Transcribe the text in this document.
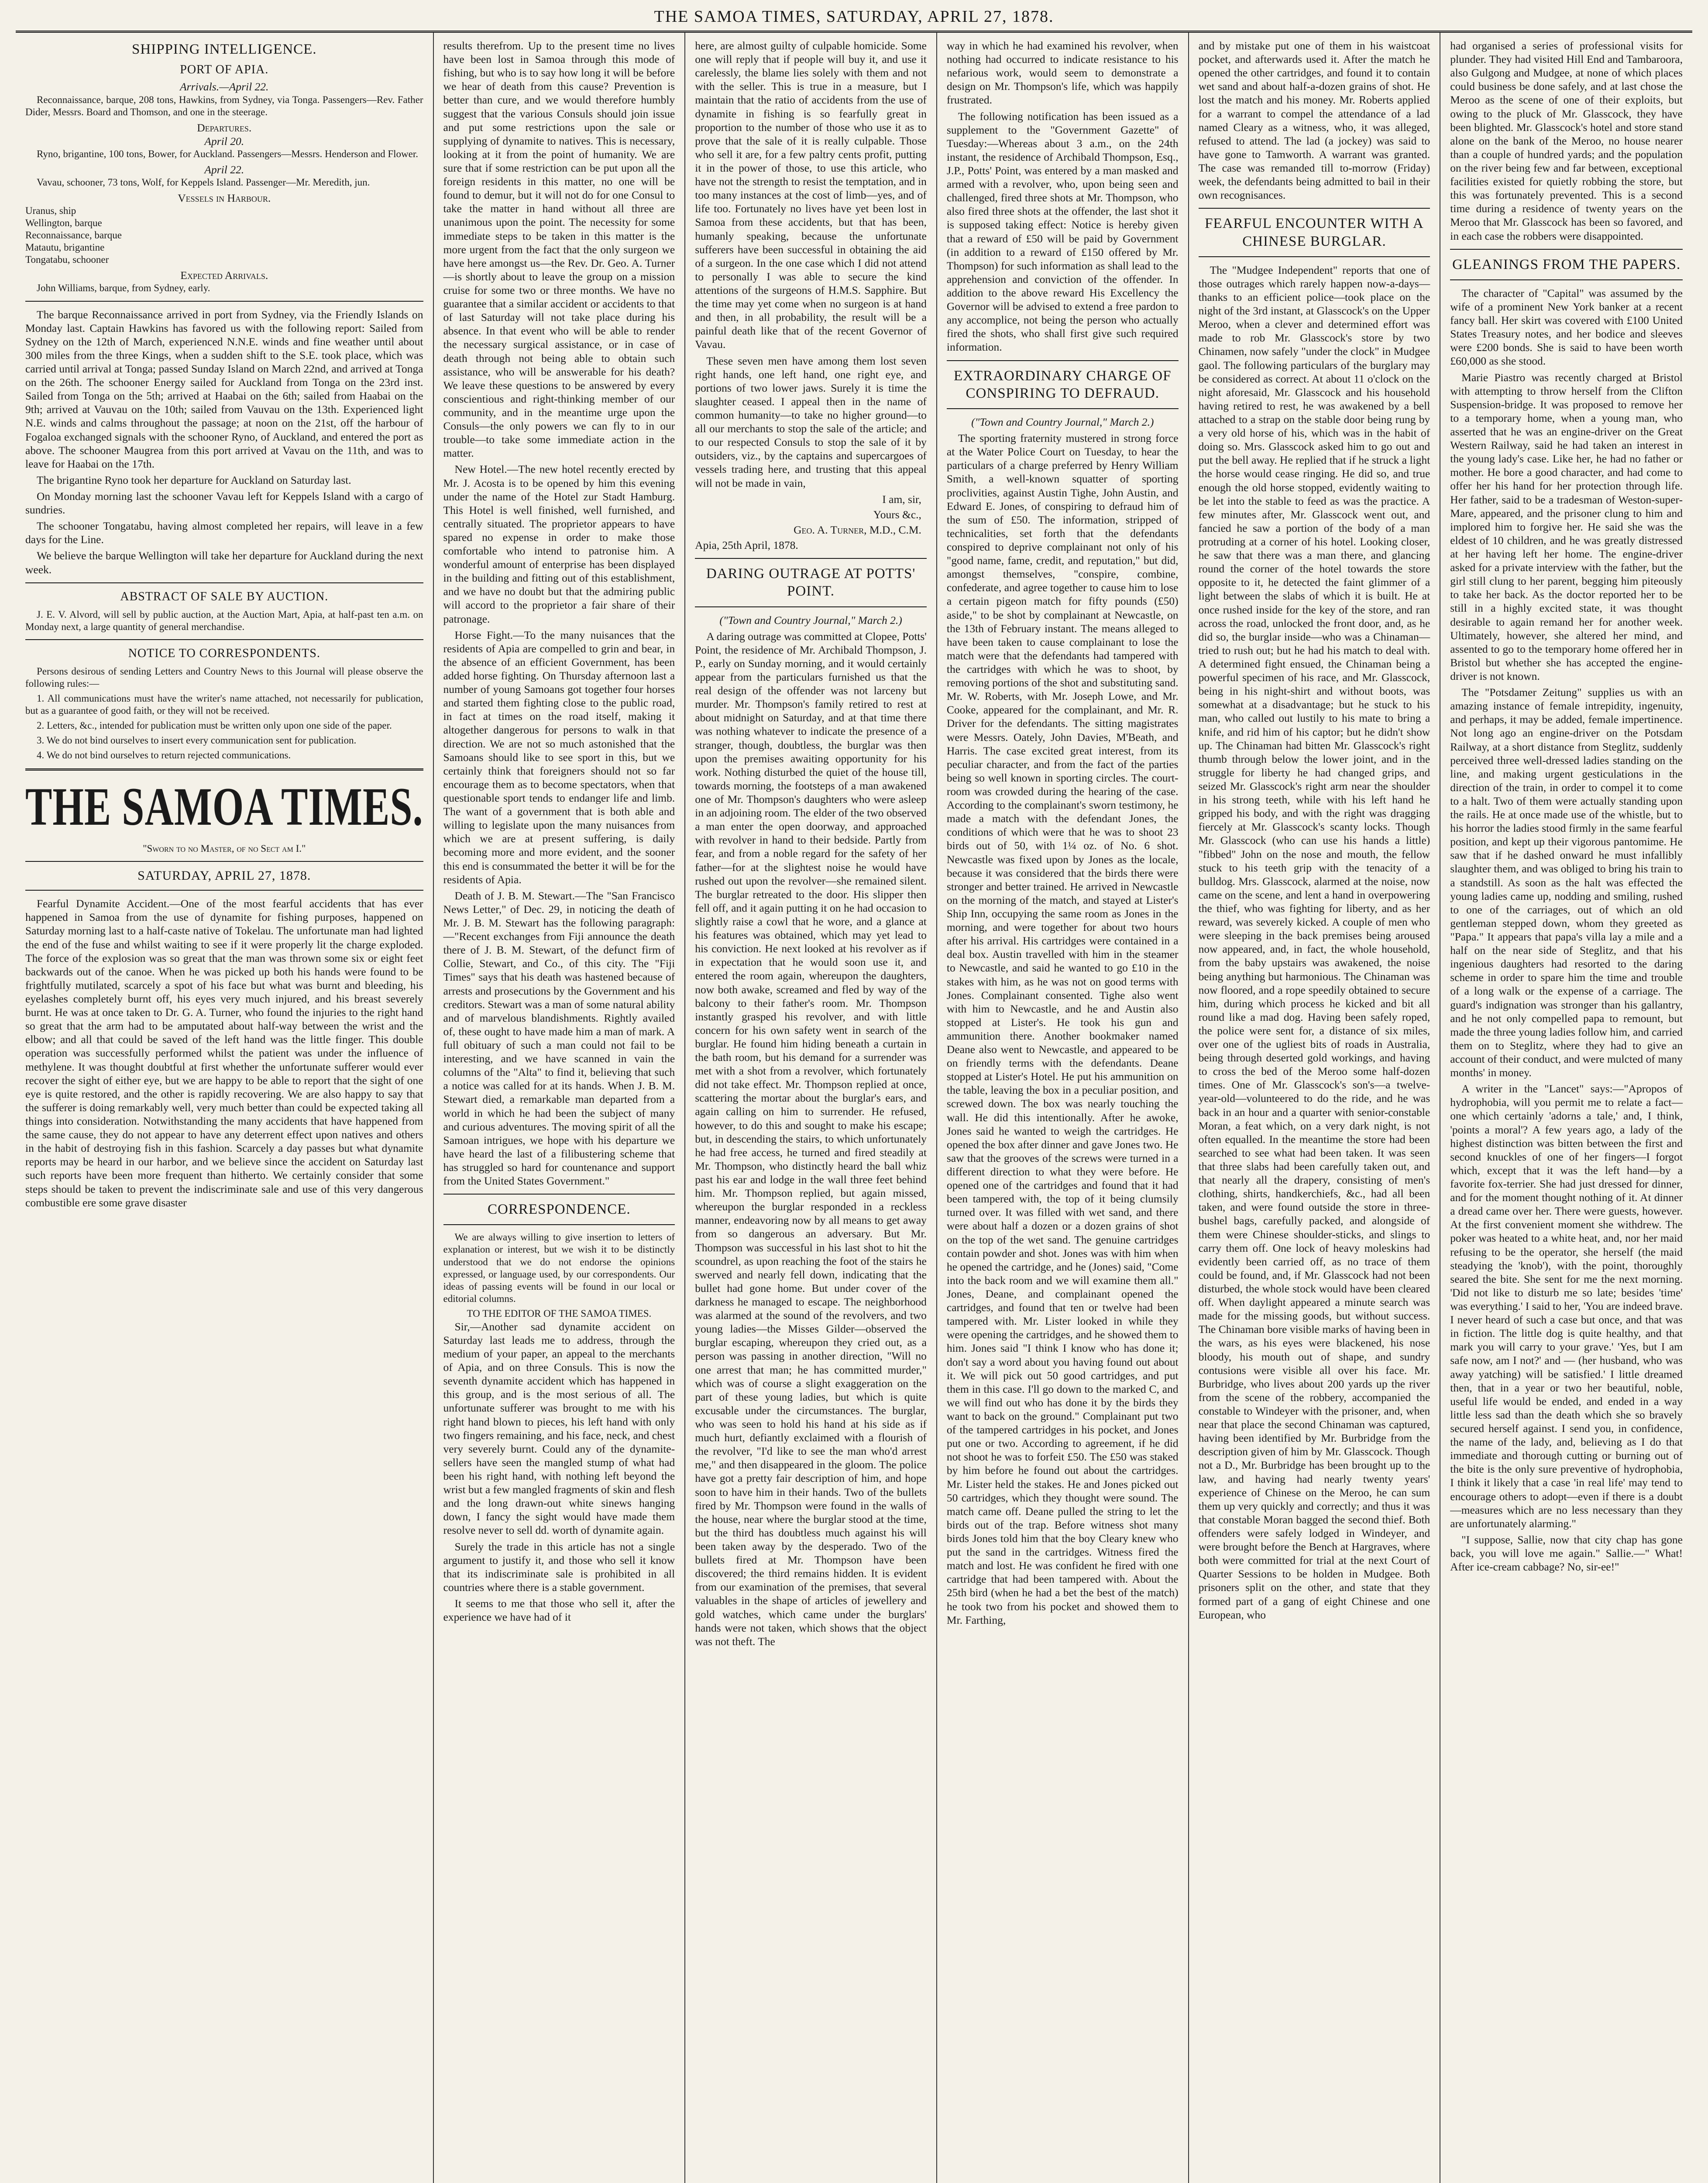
THE SAMOA TIMES, SATURDAY, APRIL 27, 1878.
SHIPPING INTELLIGENCE.
PORT OF APIA.
Arrivals.—April 22.

Reconnaissance, barque, 208 tons, Hawkins, from Sydney, via Tonga. Passengers—Rev. Father Dider, Messrs. Board and Thomson, and one in the steerage.

Departures.
April 20.

Ryno, brigantine, 100 tons, Bower, for Auckland. Passengers—Messrs. Henderson and Flower.

April 22.

Vavau, schooner, 73 tons, Wolf, for Keppels Island. Passenger—Mr. Meredith, jun.

Vessels in Harbour.

Uranus, ship

Wellington, barque

Reconnaissance, barque

Matautu, brigantine

Tongatabu, schooner

Expected Arrivals.

John Williams, barque, from Sydney, early.

The barque Reconnaissance arrived in port from Sydney, via the Friendly Islands on Monday last. Captain Hawkins has favored us with the following report: Sailed from Sydney on the 12th of March, experienced N.N.E. winds and fine weather until about 300 miles from the three Kings, when a sudden shift to the S.E. took place, which was carried until arrival at Tonga; passed Sunday Island on March 22nd, and arrived at Tonga on the 26th. The schooner Energy sailed for Auckland from Tonga on the 23rd inst. Sailed from Tonga on the 5th; arrived at Haabai on the 6th; sailed from Haabai on the 9th; arrived at Vauvau on the 10th; sailed from Vauvau on the 13th. Experienced light N.E. winds and calms throughout the passage; at noon on the 21st, off the harbour of Fogaloa exchanged signals with the schooner Ryno, of Auckland, and entered the port as above. The schooner Maugrea from this port arrived at Vavau on the 11th, and was to leave for Haabai on the 17th.

The brigantine Ryno took her departure for Auckland on Saturday last.

On Monday morning last the schooner Vavau left for Keppels Island with a cargo of sundries.

The schooner Tongatabu, having almost completed her repairs, will leave in a few days for the Line.

We believe the barque Wellington will take her departure for Auckland during the next week.

ABSTRACT OF SALE BY AUCTION.

J. E. V. Alvord, will sell by public auction, at the Auction Mart, Apia, at half-past ten a.m. on Monday next, a large quantity of general merchandise.

NOTICE TO CORRESPONDENTS.

Persons desirous of sending Letters and Country News to this Journal will please observe the following rules:—

1. All communications must have the writer's name attached, not necessarily for publication, but as a guarantee of good faith, or they will not be received.

2. Letters, &c., intended for publication must be written only upon one side of the paper.

3. We do not bind ourselves to insert every communication sent for publication.

4. We do not bind ourselves to return rejected communications.

THE SAMOA TIMES.
"Sworn to no Master, of no Sect am I."
SATURDAY, APRIL 27, 1878.

Fearful Dynamite Accident.—One of the most fearful accidents that has ever happened in Samoa from the use of dynamite for fishing purposes, happened on Saturday morning last to a half-caste native of Tokelau. The unfortunate man had lighted the end of the fuse and whilst waiting to see if it were properly lit the charge exploded. The force of the explosion was so great that the man was thrown some six or eight feet backwards out of the canoe. When he was picked up both his hands were found to be frightfully mutilated, scarcely a spot of his face but what was burnt and bleeding, his eyelashes completely burnt off, his eyes very much injured, and his breast severely burnt. He was at once taken to Dr. G. A. Turner, who found the injuries to the right hand so great that the arm had to be amputated about half-way between the wrist and the elbow; and all that could be saved of the left hand was the little finger. This double operation was successfully performed whilst the patient was under the influence of methylene. It was thought doubtful at first whether the unfortunate sufferer would ever recover the sight of either eye, but we are happy to be able to report that the sight of one eye is quite restored, and the other is rapidly recovering. We are also happy to say that the sufferer is doing remarkably well, very much better than could be expected taking all things into consideration. Notwithstanding the many accidents that have happened from the same cause, they do not appear to have any deterrent effect upon natives and others in the habit of destroying fish in this fashion. Scarcely a day passes but what dynamite reports may be heard in our harbor, and we believe since the accident on Saturday last such reports have been more frequent than hitherto. We certainly consider that some steps should be taken to prevent the indiscriminate sale and use of this very dangerous combustible ere some grave disaster

results therefrom. Up to the present time no lives have been lost in Samoa through this mode of fishing, but who is to say how long it will be before we hear of death from this cause? Prevention is better than cure, and we would therefore humbly suggest that the various Consuls should join issue and put some restrictions upon the sale or supplying of dynamite to natives. This is necessary, looking at it from the point of humanity. We are sure that if some restriction can be put upon all the foreign residents in this matter, no one will be found to demur, but it will not do for one Consul to take the matter in hand without all three are unanimous upon the point. The necessity for some immediate steps to be taken in this matter is the more urgent from the fact that the only surgeon we have here amongst us—the Rev. Dr. Geo. A. Turner—is shortly about to leave the group on a mission cruise for some two or three months. We have no guarantee that a similar accident or accidents to that of last Saturday will not take place during his absence. In that event who will be able to render the necessary surgical assistance, or in case of death through not being able to obtain such assistance, who will be answerable for his death? We leave these questions to be answered by every conscientious and right-thinking member of our community, and in the meantime urge upon the Consuls—the only powers we can fly to in our trouble—to take some immediate action in the matter.

New Hotel.—The new hotel recently erected by Mr. J. Acosta is to be opened by him this evening under the name of the Hotel zur Stadt Hamburg. This Hotel is well finished, well furnished, and centrally situated. The proprietor appears to have spared no expense in order to make those comfortable who intend to patronise him. A wonderful amount of enterprise has been displayed in the building and fitting out of this establishment, and we have no doubt but that the admiring public will accord to the proprietor a fair share of their patronage.

Horse Fight.—To the many nuisances that the residents of Apia are compelled to grin and bear, in the absence of an efficient Government, has been added horse fighting. On Thursday afternoon last a number of young Samoans got together four horses and started them fighting close to the public road, in fact at times on the road itself, making it altogether dangerous for persons to walk in that direction. We are not so much astonished that the Samoans should like to see sport in this, but we certainly think that foreigners should not so far encourage them as to become spectators, when that questionable sport tends to endanger life and limb. The want of a government that is both able and willing to legislate upon the many nuisances from which we are at present suffering, is daily becoming more and more evident, and the sooner this end is consummated the better it will be for the residents of Apia.

Death of J. B. M. Stewart.—The "San Francisco News Letter," of Dec. 29, in noticing the death of Mr. J. B. M. Stewart has the following paragraph:—"Recent exchanges from Fiji announce the death there of J. B. M. Stewart, of the defunct firm of Collie, Stewart, and Co., of this city. The "Fiji Times" says that his death was hastened because of arrests and prosecutions by the Government and his creditors. Stewart was a man of some natural ability and of marvelous blandishments. Rightly availed of, these ought to have made him a man of mark. A full obituary of such a man could not fail to be interesting, and we have scanned in vain the columns of the "Alta" to find it, believing that such a notice was called for at its hands. When J. B. M. Stewart died, a remarkable man departed from a world in which he had been the subject of many and curious adventures. The moving spirit of all the Samoan intrigues, we hope with his departure we have heard the last of a filibustering scheme that has struggled so hard for countenance and support from the United States Government."

CORRESPONDENCE.

We are always willing to give insertion to letters of explanation or interest, but we wish it to be distinctly understood that we do not endorse the opinions expressed, or language used, by our correspondents. Our ideas of passing events will be found in our local or editorial columns.

TO THE EDITOR OF THE SAMOA TIMES.

Sir,—Another sad dynamite accident on Saturday last leads me to address, through the medium of your paper, an appeal to the merchants of Apia, and on three Consuls. This is now the seventh dynamite accident which has happened in this group, and is the most serious of all. The unfortunate sufferer was brought to me with his right hand blown to pieces, his left hand with only two fingers remaining, and his face, neck, and chest very severely burnt. Could any of the dynamite-sellers have seen the mangled stump of what had been his right hand, with nothing left beyond the wrist but a few mangled fragments of skin and flesh and the long drawn-out white sinews hanging down, I fancy the sight would have made them resolve never to sell dd. worth of dynamite again.

Surely the trade in this article has not a single argument to justify it, and those who sell it know that its indiscriminate sale is prohibited in all countries where there is a stable government.

It seems to me that those who sell it, after the experience we have had of it

here, are almost guilty of culpable homicide. Some one will reply that if people will buy it, and use it carelessly, the blame lies solely with them and not with the seller. This is true in a measure, but I maintain that the ratio of accidents from the use of dynamite in fishing is so fearfully great in proportion to the number of those who use it as to prove that the sale of it is really culpable. Those who sell it are, for a few paltry cents profit, putting it in the power of those, to use this article, who have not the strength to resist the temptation, and in too many instances at the cost of limb—yes, and of life too. Fortunately no lives have yet been lost in Samoa from these accidents, but that has been, humanly speaking, because the unfortunate sufferers have been successful in obtaining the aid of a surgeon. In the one case which I did not attend to personally I was able to secure the kind attentions of the surgeons of H.M.S. Sapphire. But the time may yet come when no surgeon is at hand and then, in all probability, the result will be a painful death like that of the recent Governor of Vavau.

These seven men have among them lost seven right hands, one left hand, one right eye, and portions of two lower jaws. Surely it is time the slaughter ceased. I appeal then in the name of common humanity—to take no higher ground—to all our merchants to stop the sale of the article; and to our respected Consuls to stop the sale of it by outsiders, viz., by the captains and supercargoes of vessels trading here, and trusting that this appeal will not be made in vain,

I am, sir,

Yours &c.,

Geo. A. Turner, M.D., C.M.

Apia, 25th April, 1878.

DARING OUTRAGE AT POTTS' POINT.

("Town and Country Journal," March 2.)

A daring outrage was committed at Clopee, Potts' Point, the residence of Mr. Archibald Thompson, J. P., early on Sunday morning, and it would certainly appear from the particulars furnished us that the real design of the offender was not larceny but murder. Mr. Thompson's family retired to rest at about midnight on Saturday, and at that time there was nothing whatever to indicate the presence of a stranger, though, doubtless, the burglar was then upon the premises awaiting opportunity for his work. Nothing disturbed the quiet of the house till, towards morning, the footsteps of a man awakened one of Mr. Thompson's daughters who were asleep in an adjoining room. The elder of the two observed a man enter the open doorway, and approached with revolver in hand to their bedside. Partly from fear, and from a noble regard for the safety of her father—for at the slightest noise he would have rushed out upon the revolver—she remained silent. The burglar retreated to the door. His slipper then fell off, and it again putting it on he had occasion to slightly raise a cowl that he wore, and a glance at his features was obtained, which may yet lead to his conviction. He next looked at his revolver as if in expectation that he would soon use it, and entered the room again, whereupon the daughters, now both awake, screamed and fled by way of the balcony to their father's room. Mr. Thompson instantly grasped his revolver, and with little concern for his own safety went in search of the burglar. He found him hiding beneath a curtain in the bath room, but his demand for a surrender was met with a shot from a revolver, which fortunately did not take effect. Mr. Thompson replied at once, scattering the mortar about the burglar's ears, and again calling on him to surrender. He refused, however, to do this and sought to make his escape; but, in descending the stairs, to which unfortunately he had free access, he turned and fired steadily at Mr. Thompson, who distinctly heard the ball whiz past his ear and lodge in the wall three feet behind him. Mr. Thompson replied, but again missed, whereupon the burglar responded in a reckless manner, endeavoring now by all means to get away from so dangerous an adversary. But Mr. Thompson was successful in his last shot to hit the scoundrel, as upon reaching the foot of the stairs he swerved and nearly fell down, indicating that the bullet had gone home. But under cover of the darkness he managed to escape. The neighborhood was alarmed at the sound of the revolvers, and two young ladies—the Misses Gilder—observed the burglar escaping, whereupon they cried out, as a person was passing in another direction, "Will no one arrest that man; he has committed murder," which was of course a slight exaggeration on the part of these young ladies, but which is quite excusable under the circumstances. The burglar, who was seen to hold his hand at his side as if much hurt, defiantly exclaimed with a flourish of the revolver, "I'd like to see the man who'd arrest me," and then disappeared in the gloom. The police have got a pretty fair description of him, and hope soon to have him in their hands. Two of the bullets fired by Mr. Thompson were found in the walls of the house, near where the burglar stood at the time, but the third has doubtless much against his will been taken away by the desperado. Two of the bullets fired at Mr. Thompson have been discovered; the third remains hidden. It is evident from our examination of the premises, that several valuables in the shape of articles of jewellery and gold watches, which came under the burglars' hands were not taken, which shows that the object was not theft. The

way in which he had examined his revolver, when nothing had occurred to indicate resistance to his nefarious work, would seem to demonstrate a design on Mr. Thompson's life, which was happily frustrated.

The following notification has been issued as a supplement to the "Government Gazette" of Tuesday:—Whereas about 3 a.m., on the 24th instant, the residence of Archibald Thompson, Esq., J.P., Potts' Point, was entered by a man masked and armed with a revolver, who, upon being seen and challenged, fired three shots at Mr. Thompson, who also fired three shots at the offender, the last shot it is supposed taking effect: Notice is hereby given that a reward of £50 will be paid by Government (in addition to a reward of £150 offered by Mr. Thompson) for such information as shall lead to the apprehension and conviction of the offender. In addition to the above reward His Excellency the Governor will be advised to extend a free pardon to any accomplice, not being the person who actually fired the shots, who shall first give such required information.

EXTRAORDINARY CHARGE OF CONSPIRING TO DEFRAUD.

("Town and Country Journal," March 2.)

The sporting fraternity mustered in strong force at the Water Police Court on Tuesday, to hear the particulars of a charge preferred by Henry William Smith, a well-known squatter of sporting proclivities, against Austin Tighe, John Austin, and Edward E. Jones, of conspiring to defraud him of the sum of £50. The information, stripped of technicalities, set forth that the defendants conspired to deprive complainant not only of his "good name, fame, credit, and reputation," but did, amongst themselves, "conspire, combine, confederate, and agree together to cause him to lose a certain pigeon match for fifty pounds (£50) aside," to be shot by complainant at Newcastle, on the 13th of February instant. The means alleged to have been taken to cause complainant to lose the match were that the defendants had tampered with the cartridges with which he was to shoot, by removing portions of the shot and substituting sand. Mr. W. Roberts, with Mr. Joseph Lowe, and Mr. Cooke, appeared for the complainant, and Mr. R. Driver for the defendants. The sitting magistrates were Messrs. Oately, John Davies, M'Beath, and Harris. The case excited great interest, from its peculiar character, and from the fact of the parties being so well known in sporting circles. The court-room was crowded during the hearing of the case. According to the complainant's sworn testimony, he made a match with the defendant Jones, the conditions of which were that he was to shoot 23 birds out of 50, with 1¼ oz. of No. 6 shot. Newcastle was fixed upon by Jones as the locale, because it was considered that the birds there were stronger and better trained. He arrived in Newcastle on the morning of the match, and stayed at Lister's Ship Inn, occupying the same room as Jones in the morning, and were together for about two hours after his arrival. His cartridges were contained in a deal box. Austin travelled with him in the steamer to Newcastle, and said he wanted to go £10 in the stakes with him, as he was not on good terms with Jones. Complainant consented. Tighe also went with him to Newcastle, and he and Austin also stopped at Lister's. He took his gun and ammunition there. Another bookmaker named Deane also went to Newcastle, and appeared to be on friendly terms with the defendants. Deane stopped at Lister's Hotel. He put his ammunition on the table, leaving the box in a peculiar position, and screwed down. The box was nearly touching the wall. He did this intentionally. After he awoke, Jones said he wanted to weigh the cartridges. He opened the box after dinner and gave Jones two. He saw that the grooves of the screws were turned in a different direction to what they were before. He opened one of the cartridges and found that it had been tampered with, the top of it being clumsily turned over. It was filled with wet sand, and there were about half a dozen or a dozen grains of shot on the top of the wet sand. The genuine cartridges contain powder and shot. Jones was with him when he opened the cartridge, and he (Jones) said, "Come into the back room and we will examine them all." Jones, Deane, and complainant opened the cartridges, and found that ten or twelve had been tampered with. Mr. Lister looked in while they were opening the cartridges, and he showed them to him. Jones said "I think I know who has done it; don't say a word about you having found out about it. We will pick out 50 good cartridges, and put them in this case. I'll go down to the marked C, and we will find out who has done it by the birds they want to back on the ground." Complainant put two of the tampered cartridges in his pocket, and Jones put one or two. According to agreement, if he did not shoot he was to forfeit £50. The £50 was staked by him before he found out about the cartridges. Mr. Lister held the stakes. He and Jones picked out 50 cartridges, which they thought were sound. The match came off. Deane pulled the string to let the birds out of the trap. Before witness shot many birds Jones told him that the boy Cleary knew who put the sand in the cartridges. Witness fired the match and lost. He was confident he fired with one cartridge that had been tampered with. About the 25th bird (when he had a bet the best of the match) he took two from his pocket and showed them to Mr. Farthing,

and by mistake put one of them in his waistcoat pocket, and afterwards used it. After the match he opened the other cartridges, and found it to contain wet sand and about half-a-dozen grains of shot. He lost the match and his money. Mr. Roberts applied for a warrant to compel the attendance of a lad named Cleary as a witness, who, it was alleged, refused to attend. The lad (a jockey) was said to have gone to Tamworth. A warrant was granted. The case was remanded till to-morrow (Friday) week, the defendants being admitted to bail in their own recognisances.

FEARFUL ENCOUNTER WITH A CHINESE BURGLAR.

The "Mudgee Independent" reports that one of those outrages which rarely happen now-a-days—thanks to an efficient police—took place on the night of the 3rd instant, at Glasscock's on the Upper Meroo, when a clever and determined effort was made to rob Mr. Glasscock's store by two Chinamen, now safely "under the clock" in Mudgee gaol. The following particulars of the burglary may be considered as correct. At about 11 o'clock on the night aforesaid, Mr. Glasscock and his household having retired to rest, he was awakened by a bell attached to a strap on the stable door being rung by a very old horse of his, which was in the habit of doing so. Mrs. Glasscock asked him to go out and put the bell away. He replied that if he struck a light the horse would cease ringing. He did so, and true enough the old horse stopped, evidently waiting to be let into the stable to feed as was the practice. A few minutes after, Mr. Glasscock went out, and fancied he saw a portion of the body of a man protruding at a corner of his hotel. Looking closer, he saw that there was a man there, and glancing round the corner of the hotel towards the store opposite to it, he detected the faint glimmer of a light between the slabs of which it is built. He at once rushed inside for the key of the store, and ran across the road, unlocked the front door, and, as he did so, the burglar inside—who was a Chinaman—tried to rush out; but he had his match to deal with. A determined fight ensued, the Chinaman being a powerful specimen of his race, and Mr. Glasscock, being in his night-shirt and without boots, was somewhat at a disadvantage; but he stuck to his man, who called out lustily to his mate to bring a knife, and rid him of his captor; but he didn't show up. The Chinaman had bitten Mr. Glasscock's right thumb through below the lower joint, and in the struggle for liberty he had changed grips, and seized Mr. Glasscock's right arm near the shoulder in his strong teeth, while with his left hand he gripped his body, and with the right was dragging fiercely at Mr. Glasscock's scanty locks. Though Mr. Glasscock (who can use his hands a little) "fibbed" John on the nose and mouth, the fellow stuck to his teeth grip with the tenacity of a bulldog. Mrs. Glasscock, alarmed at the noise, now came on the scene, and lent a hand in overpowering the thief, who was fighting for liberty, and as her reward, was severely kicked. A couple of men who were sleeping in the back premises being aroused now appeared, and, in fact, the whole household, from the baby upstairs was awakened, the noise being anything but harmonious. The Chinaman was now floored, and a rope speedily obtained to secure him, during which process he kicked and bit all round like a mad dog. Having been safely roped, the police were sent for, a distance of six miles, over one of the ugliest bits of roads in Australia, being through deserted gold workings, and having to cross the bed of the Meroo some half-dozen times. One of Mr. Glasscock's son's—a twelve-year-old—volunteered to do the ride, and he was back in an hour and a quarter with senior-constable Moran, a feat which, on a very dark night, is not often equalled. In the meantime the store had been searched to see what had been taken. It was seen that three slabs had been carefully taken out, and that nearly all the drapery, consisting of men's clothing, shirts, handkerchiefs, &c., had all been taken, and were found outside the store in three-bushel bags, carefully packed, and alongside of them were Chinese shoulder-sticks, and slings to carry them off. One lock of heavy moleskins had evidently been carried off, as no trace of them could be found, and, if Mr. Glasscock had not been disturbed, the whole stock would have been cleared off. When daylight appeared a minute search was made for the missing goods, but without success. The Chinaman bore visible marks of having been in the wars, as his eyes were blackened, his nose bloody, his mouth out of shape, and sundry contusions were visible all over his face. Mr. Burbridge, who lives about 200 yards up the river from the scene of the robbery, accompanied the constable to Windeyer with the prisoner, and, when near that place the second Chinaman was captured, having been identified by Mr. Burbridge from the description given of him by Mr. Glasscock. Though not a D., Mr. Burbridge has been brought up to the law, and having had nearly twenty years' experience of Chinese on the Meroo, he can sum them up very quickly and correctly; and thus it was that constable Moran bagged the second thief. Both offenders were safely lodged in Windeyer, and were brought before the Bench at Hargraves, where both were committed for trial at the next Court of Quarter Sessions to be holden in Mudgee. Both prisoners split on the other, and state that they formed part of a gang of eight Chinese and one European, who

had organised a series of professional visits for plunder. They had visited Hill End and Tambaroora, also Gulgong and Mudgee, at none of which places could business be done safely, and at last chose the Meroo as the scene of one of their exploits, but owing to the pluck of Mr. Glasscock, they have been blighted. Mr. Glasscock's hotel and store stand alone on the bank of the Meroo, no house nearer than a couple of hundred yards; and the population on the river being few and far between, exceptional facilities existed for quietly robbing the store, but this was fortunately prevented. This is a second time during a residence of twenty years on the Meroo that Mr. Glasscock has been so favored, and in each case the robbers were disappointed.

GLEANINGS FROM THE PAPERS.

The character of "Capital" was assumed by the wife of a prominent New York banker at a recent fancy ball. Her skirt was covered with £100 United States Treasury notes, and her bodice and sleeves were £200 bonds. She is said to have been worth £60,000 as she stood.

Marie Piastro was recently charged at Bristol with attempting to throw herself from the Clifton Suspension-bridge. It was proposed to remove her to a temporary home, when a young man, who asserted that he was an engine-driver on the Great Western Railway, said he had taken an interest in the young lady's case. Like her, he had no father or mother. He bore a good character, and had come to offer her his hand for her protection through life. Her father, said to be a tradesman of Weston-super-Mare, appeared, and the prisoner clung to him and implored him to forgive her. He said she was the eldest of 10 children, and he was greatly distressed at her having left her home. The engine-driver asked for a private interview with the father, but the girl still clung to her parent, begging him piteously to take her back. As the doctor reported her to be still in a highly excited state, it was thought desirable to again remand her for another week. Ultimately, however, she altered her mind, and assented to go to the temporary home offered her in Bristol but whether she has accepted the engine-driver is not known.

The "Potsdamer Zeitung" supplies us with an amazing instance of female intrepidity, ingenuity, and perhaps, it may be added, female impertinence. Not long ago an engine-driver on the Potsdam Railway, at a short distance from Steglitz, suddenly perceived three well-dressed ladies standing on the line, and making urgent gesticulations in the direction of the train, in order to compel it to come to a halt. Two of them were actually standing upon the rails. He at once made use of the whistle, but to his horror the ladies stood firmly in the same fearful position, and kept up their vigorous pantomime. He saw that if he dashed onward he must infallibly slaughter them, and was obliged to bring his train to a standstill. As soon as the halt was effected the young ladies came up, nodding and smiling, rushed to one of the carriages, out of which an old gentleman stepped down, whom they greeted as "Papa." It appears that papa's villa lay a mile and a half on the near side of Steglitz, and that his ingenious daughters had resorted to the daring scheme in order to spare him the time and trouble of a long walk or the expense of a carriage. The guard's indignation was stronger than his gallantry, and he not only compelled papa to remount, but made the three young ladies follow him, and carried them on to Steglitz, where they had to give an account of their conduct, and were mulcted of many months' in money.

A writer in the "Lancet" says:—"Apropos of hydrophobia, will you permit me to relate a fact—one which certainly 'adorns a tale,' and, I think, 'points a moral'? A few years ago, a lady of the highest distinction was bitten between the first and second knuckles of one of her fingers—I forgot which, except that it was the left hand—by a favorite fox-terrier. She had just dressed for dinner, and for the moment thought nothing of it. At dinner a dread came over her. There were guests, however. At the first convenient moment she withdrew. The poker was heated to a white heat, and, nor her maid refusing to be the operator, she herself (the maid steadying the 'knob'), with the point, thoroughly seared the bite. She sent for me the next morning. 'Did not like to disturb me so late; besides 'time' was everything.' I said to her, 'You are indeed brave. I never heard of such a case but once, and that was in fiction. The little dog is quite healthy, and that mark you will carry to your grave.' 'Yes, but I am safe now, am I not?' and — (her husband, who was away yatching) will be satisfied.' I little dreamed then, that in a year or two her beautiful, noble, useful life would be ended, and ended in a way little less sad than the death which she so bravely secured herself against. I send you, in confidence, the name of the lady, and, believing as I do that immediate and thorough cutting or burning out of the bite is the only sure preventive of hydrophobia, I think it likely that a case 'in real life' may tend to encourage others to adopt—even if there is a doubt—measures which are no less necessary than they are unfortunately alarming."

"I suppose, Sallie, now that city chap has gone back, you will love me again." Sallie.—" What! After ice-cream cabbage? No, sir-ee!"
